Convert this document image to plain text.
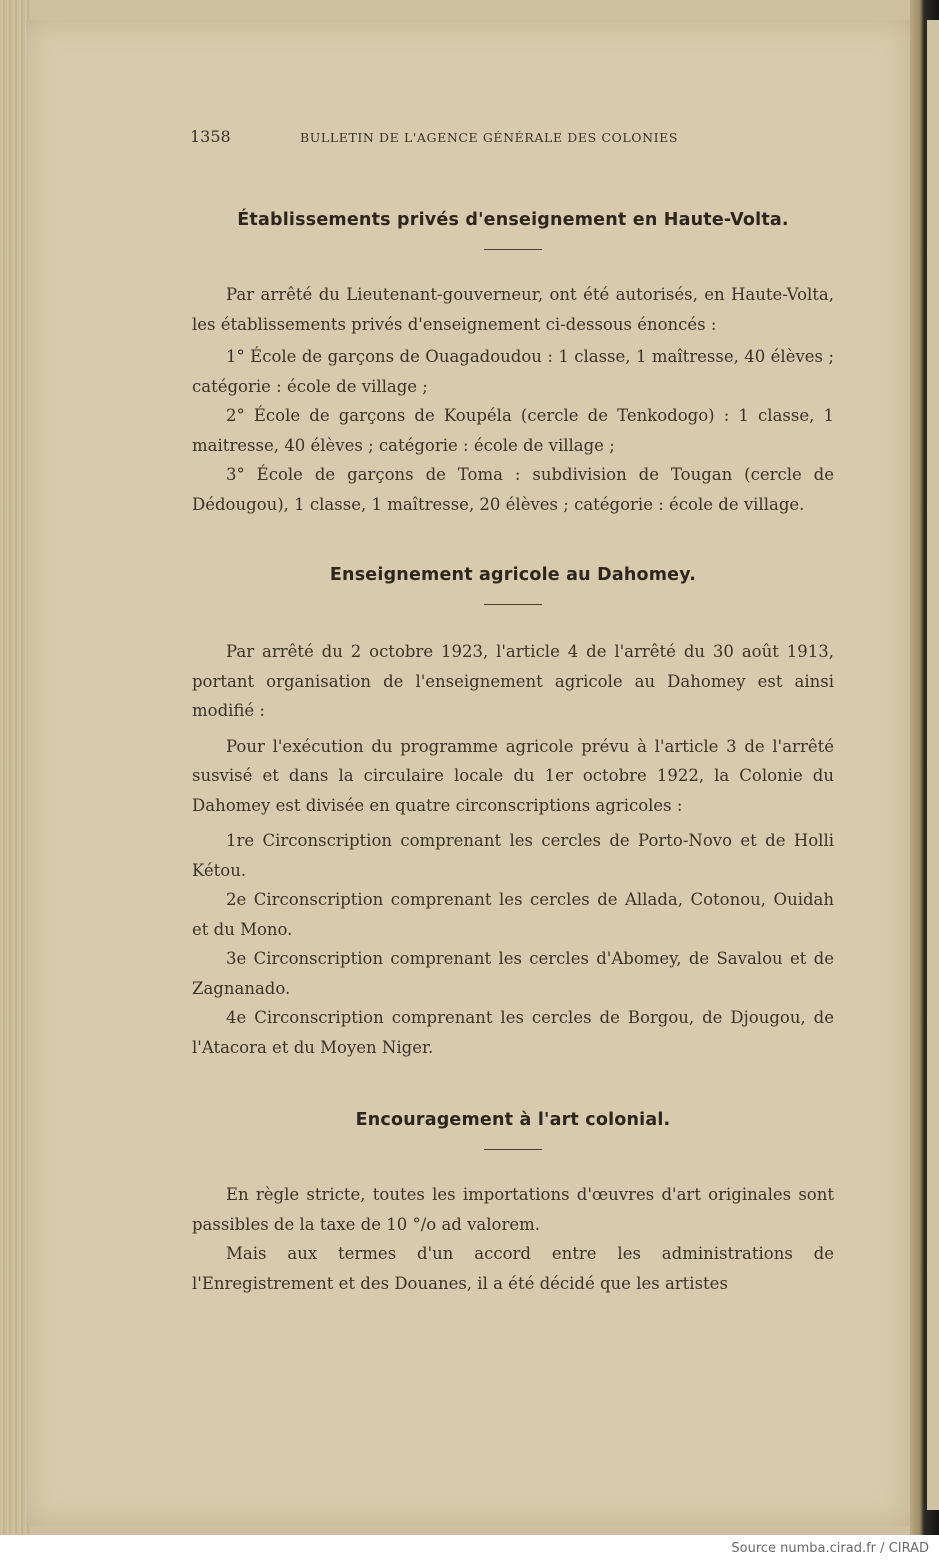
1358	BULLETIN DE L'AGENCE GÉNÉRALE DES COLONIES
Établissements privés d'enseignement en Haute-Volta.

Par arrêté du Lieutenant-gouverneur, ont été autorisés, en Haute-Volta, les établissements privés d'enseignement ci-dessous énoncés :

1° École de garçons de Ouagadoudou : 1 classe, 1 maîtresse, 40 élèves ; catégorie : école de village ;

2° École de garçons de Koupéla (cercle de Tenkodogo) : 1 classe, 1 maitresse, 40 élèves ; catégorie : école de village ;

3° École de garçons de Toma : subdivision de Tougan (cercle de Dédougou), 1 classe, 1 maîtresse, 20 élèves ; catégorie : école de village.

Enseignement agricole au Dahomey.

Par arrêté du 2 octobre 1923, l'article 4 de l'arrêté du 30 août 1913, portant organisation de l'enseignement agricole au Dahomey est ainsi modifié :

Pour l'exécution du programme agricole prévu à l'article 3 de l'arrêté susvisé et dans la circulaire locale du 1er octobre 1922, la Colonie du Dahomey est divisée en quatre circonscriptions agricoles :

1re Circonscription comprenant les cercles de Porto-Novo et de Holli Kétou.

2e Circonscription comprenant les cercles de Allada, Cotonou, Ouidah et du Mono.

3e Circonscription comprenant les cercles d'Abomey, de Savalou et de Zagnanado.

4e Circonscription comprenant les cercles de Borgou, de Djougou, de l'Atacora et du Moyen Niger.

Encouragement à l'art colonial.

En règle stricte, toutes les importations d'œuvres d'art originales sont passibles de la taxe de 10 °/o ad valorem.

Mais aux termes d'un accord entre les administrations de l'Enregistrement et des Douanes, il a été décidé que les artistes

Source numba.cirad.fr / CIRAD
